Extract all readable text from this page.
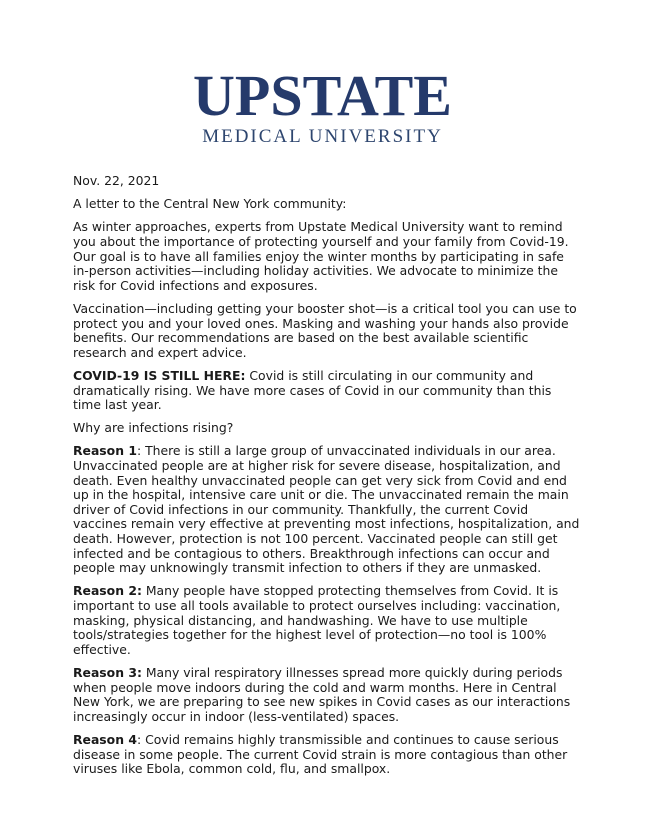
UPSTATE
MEDICAL UNIVERSITY

Nov. 22, 2021

A letter to the Central New York community:

As winter approaches, experts from Upstate Medical University want to remind you about the importance of protecting yourself and your family from Covid-19. Our goal is to have all families enjoy the winter months by participating in safe in-person activities—including holiday activities. We advocate to minimize the risk for Covid infections and exposures.

Vaccination—including getting your booster shot—is a critical tool you can use to protect you and your loved ones. Masking and washing your hands also provide benefits. Our recommendations are based on the best available scientific research and expert advice.

COVID-19 IS STILL HERE: Covid is still circulating in our community and dramatically rising. We have more cases of Covid in our community than this time last year.

Why are infections rising?

Reason 1: There is still a large group of unvaccinated individuals in our area. Unvaccinated people are at higher risk for severe disease, hospitalization, and death. Even healthy unvaccinated people can get very sick from Covid and end up in the hospital, intensive care unit or die. The unvaccinated remain the main driver of Covid infections in our community. Thankfully, the current Covid vaccines remain very effective at preventing most infections, hospitalization, and death. However, protection is not 100 percent. Vaccinated people can still get infected and be contagious to others. Breakthrough infections can occur and people may unknowingly transmit infection to others if they are unmasked.

Reason 2: Many people have stopped protecting themselves from Covid. It is important to use all tools available to protect ourselves including: vaccination, masking, physical distancing, and handwashing. We have to use multiple tools/strategies together for the highest level of protection—no tool is 100% effective.

Reason 3: Many viral respiratory illnesses spread more quickly during periods when people move indoors during the cold and warm months. Here in Central New York, we are preparing to see new spikes in Covid cases as our interactions increasingly occur in indoor (less-ventilated) spaces.

Reason 4: Covid remains highly transmissible and continues to cause serious disease in some people. The current Covid strain is more contagious than other viruses like Ebola, common cold, flu, and smallpox.
